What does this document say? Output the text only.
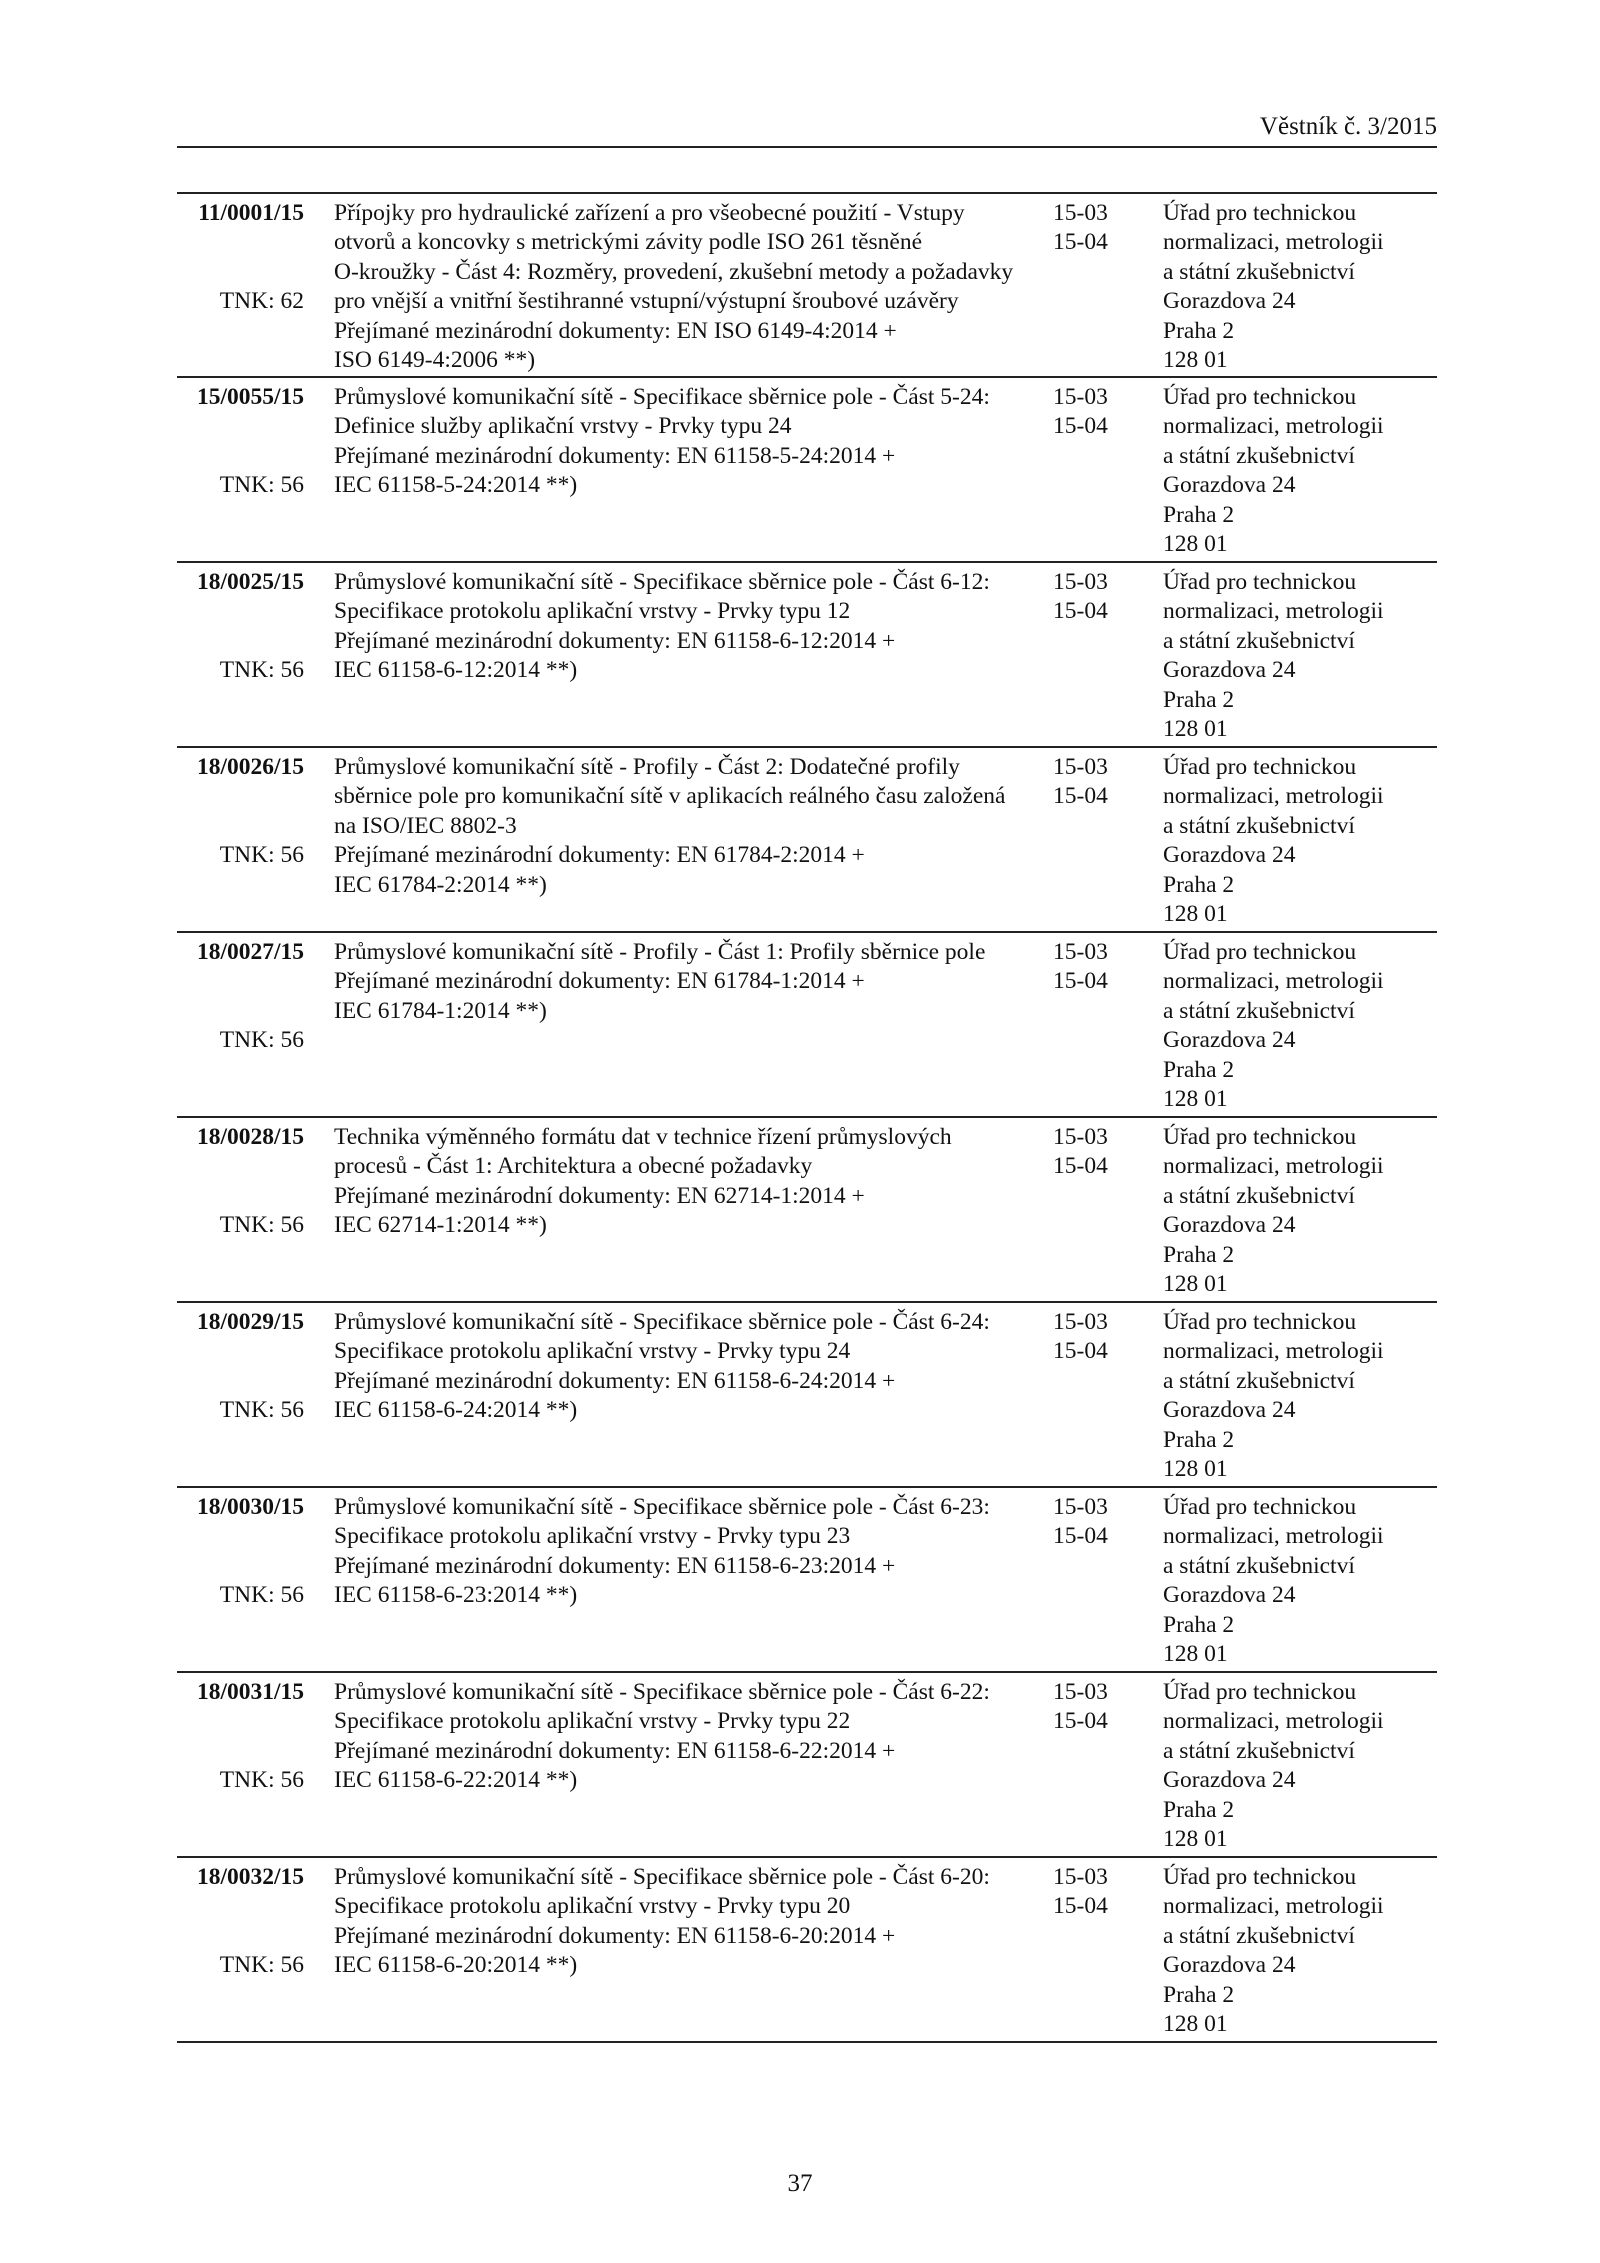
Věstník č. 3/2015
11/0001/15
TNK: 62
Přípojky pro hydraulické zařízení a pro všeobecné použití - Vstupy
otvorů a koncovky s metrickými závity podle ISO 261 těsněné
O-kroužky - Část 4: Rozměry, provedení, zkušební metody a požadavky
pro vnější a vnitřní šestihranné vstupní/výstupní šroubové uzávěry
Přejímané mezinárodní dokumenty: EN ISO 6149-4:2014 +
ISO 6149-4:2006 **)
15-03
15-04
Úřad pro technickou
normalizaci, metrologii
a státní zkušebnictví
Gorazdova 24
Praha 2
128 01
15/0055/15
TNK: 56
Průmyslové komunikační sítě - Specifikace sběrnice pole - Část 5-24:
Definice služby aplikační vrstvy - Prvky typu 24
Přejímané mezinárodní dokumenty: EN 61158-5-24:2014 +
IEC 61158-5-24:2014 **)
15-03
15-04
Úřad pro technickou
normalizaci, metrologii
a státní zkušebnictví
Gorazdova 24
Praha 2
128 01
18/0025/15
TNK: 56
Průmyslové komunikační sítě - Specifikace sběrnice pole - Část 6-12:
Specifikace protokolu aplikační vrstvy - Prvky typu 12
Přejímané mezinárodní dokumenty: EN 61158-6-12:2014 +
IEC 61158-6-12:2014 **)
15-03
15-04
Úřad pro technickou
normalizaci, metrologii
a státní zkušebnictví
Gorazdova 24
Praha 2
128 01
18/0026/15
TNK: 56
Průmyslové komunikační sítě - Profily - Část 2: Dodatečné profily
sběrnice pole pro komunikační sítě v aplikacích reálného času založená
na ISO/IEC 8802-3
Přejímané mezinárodní dokumenty: EN 61784-2:2014 +
IEC 61784-2:2014 **)
15-03
15-04
Úřad pro technickou
normalizaci, metrologii
a státní zkušebnictví
Gorazdova 24
Praha 2
128 01
18/0027/15
TNK: 56
Průmyslové komunikační sítě - Profily - Část 1: Profily sběrnice pole
Přejímané mezinárodní dokumenty: EN 61784-1:2014 +
IEC 61784-1:2014 **)
15-03
15-04
Úřad pro technickou
normalizaci, metrologii
a státní zkušebnictví
Gorazdova 24
Praha 2
128 01
18/0028/15
TNK: 56
Technika výměnného formátu dat v technice řízení průmyslových
procesů - Část 1: Architektura a obecné požadavky
Přejímané mezinárodní dokumenty: EN 62714-1:2014 +
IEC 62714-1:2014 **)
15-03
15-04
Úřad pro technickou
normalizaci, metrologii
a státní zkušebnictví
Gorazdova 24
Praha 2
128 01
18/0029/15
TNK: 56
Průmyslové komunikační sítě - Specifikace sběrnice pole - Část 6-24:
Specifikace protokolu aplikační vrstvy - Prvky typu 24
Přejímané mezinárodní dokumenty: EN 61158-6-24:2014 +
IEC 61158-6-24:2014 **)
15-03
15-04
Úřad pro technickou
normalizaci, metrologii
a státní zkušebnictví
Gorazdova 24
Praha 2
128 01
18/0030/15
TNK: 56
Průmyslové komunikační sítě - Specifikace sběrnice pole - Část 6-23:
Specifikace protokolu aplikační vrstvy - Prvky typu 23
Přejímané mezinárodní dokumenty: EN 61158-6-23:2014 +
IEC 61158-6-23:2014 **)
15-03
15-04
Úřad pro technickou
normalizaci, metrologii
a státní zkušebnictví
Gorazdova 24
Praha 2
128 01
18/0031/15
TNK: 56
Průmyslové komunikační sítě - Specifikace sběrnice pole - Část 6-22:
Specifikace protokolu aplikační vrstvy - Prvky typu 22
Přejímané mezinárodní dokumenty: EN 61158-6-22:2014 +
IEC 61158-6-22:2014 **)
15-03
15-04
Úřad pro technickou
normalizaci, metrologii
a státní zkušebnictví
Gorazdova 24
Praha 2
128 01
18/0032/15
TNK: 56
Průmyslové komunikační sítě - Specifikace sběrnice pole - Část 6-20:
Specifikace protokolu aplikační vrstvy - Prvky typu 20
Přejímané mezinárodní dokumenty: EN 61158-6-20:2014 +
IEC 61158-6-20:2014 **)
15-03
15-04
Úřad pro technickou
normalizaci, metrologii
a státní zkušebnictví
Gorazdova 24
Praha 2
128 01
37
